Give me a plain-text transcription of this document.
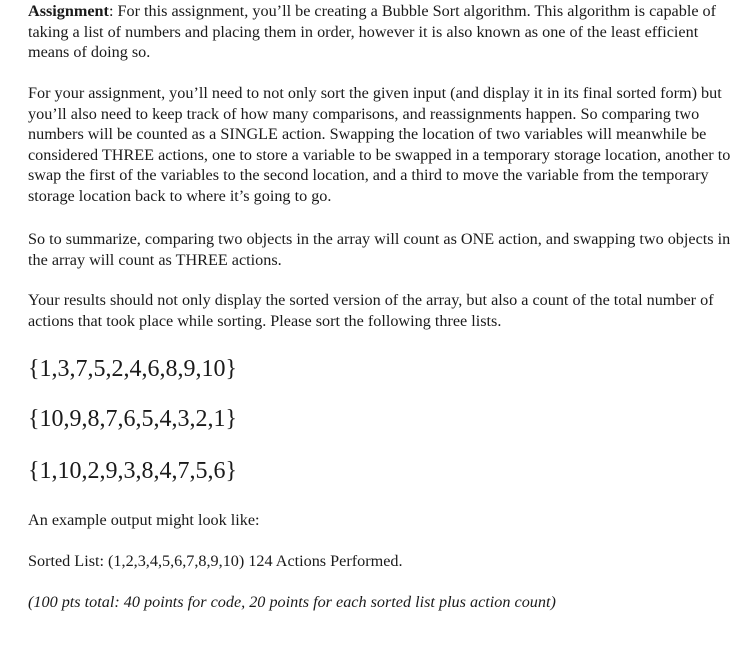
Assignment: For this assignment, you’ll be creating a Bubble Sort algorithm. This algorithm is capable of taking a list of numbers and placing them in order, however it is also known as one of the least efficient means of doing so.

For your assignment, you’ll need to not only sort the given input (and display it in its final sorted form) but you’ll also need to keep track of how many comparisons, and reassignments happen. So comparing two numbers will be counted as a SINGLE action. Swapping the location of two variables will meanwhile be considered THREE actions, one to store a variable to be swapped in a temporary storage location, another to swap the first of the variables to the second location, and a third to move the variable from the temporary storage location back to where it’s going to go.

So to summarize, comparing two objects in the array will count as ONE action, and swapping two objects in the array will count as THREE actions.

Your results should not only display the sorted version of the array, but also a count of the total number of actions that took place while sorting. Please sort the following three lists.

{1,3,7,5,2,4,6,8,9,10}

{10,9,8,7,6,5,4,3,2,1}

{1,10,2,9,3,8,4,7,5,6}

An example output might look like:

Sorted List: (1,2,3,4,5,6,7,8,9,10) 124 Actions Performed.

(100 pts total: 40 points for code, 20 points for each sorted list plus action count)
